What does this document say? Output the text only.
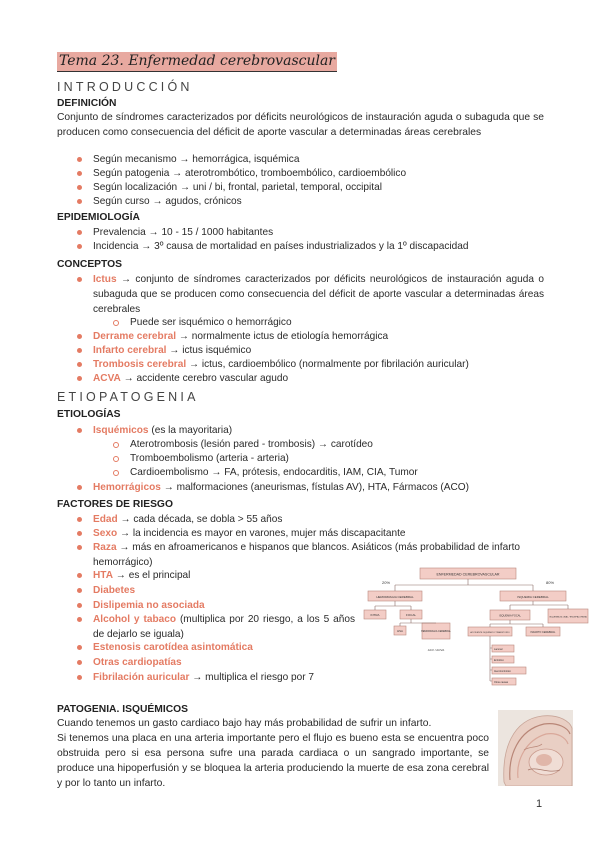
Tema 23. Enfermedad cerebrovascular
INTRODUCCIÓN
DEFINICIÓN
Conjunto de síndromes caracterizados por déficits neurológicos de instauración aguda o subaguda que se producen como consecuencia del déficit de aporte vascular a determinadas áreas cerebrales
Según mecanismo → hemorrágica, isquémica
Según patogenia → aterotrombótico, tromboembólico, cardioembólico
Según localización → uni / bi, frontal, parietal, temporal, occipital
Según curso → agudos, crónicos
EPIDEMIOLOGÍA
Prevalencia → 10 - 15 / 1000 habitantes
Incidencia → 3º causa de mortalidad en países industrializados y la 1º discapacidad
CONCEPTOS
Ictus → conjunto de síndromes caracterizados por déficits neurológicos de instauración aguda o subaguda que se producen como consecuencia del déficit de aporte vascular a determinadas áreas cerebrales
Puede ser isquémico o hemorrágico
Derrame cerebral → normalmente ictus de etiología hemorrágica
Infarto cerebral → ictus isquémico
Trombosis cerebral → ictus, cardioembólico (normalmente por fibrilación auricular)
ACVA → accidente cerebro vascular agudo
ETIOPATOGENIA
ETIOLOGÍAS
Isquémicos (es la mayoritaria)
Aterotrombosis (lesión pared - trombosis) → carotídeo
Tromboembolismo (arteria - arteria)
Cardioembolismo → FA, prótesis, endocarditis, IAM, CIA, Tumor
Hemorrágicos → malformaciones (aneurismas, fístulas AV), HTA, Fármacos (ACO)
FACTORES DE RIESGO
Edad → cada década, se dobla > 55 años
Sexo → la incidencia es mayor en varones, mujer más discapacitante
Raza → más en afroamericanos e hispanos que blancos. Asiáticos (más probabilidad de infarto hemorrágico)
HTA → es el principal
Diabetes
Dislipemia no asociada
Alcohol y tabaco (multiplica por 20 riesgo, a los 5 años de dejarlo se iguala)
Estenosis carotídea asintomática
Otras cardiopatías
Fibrilación auricular → multiplica el riesgo por 7
ENFERMEDAD CEREBROVASCULAR
20%	80%
HEMORRAGIA CEREBRAL	ISQUEMIA CEREBRAL
INTRA	FOCAL
HSA	HEMORRAGIA CEREBRAL
ACV / ACVA
ISQUEMIA FOCAL	ISQUEMIA GLOBAL / ENCEFALOPATÍA
ACCIDENTE ISQUÉMICO TRANSITORIO	INFARTO CEREBRAL
Lacunar
Embólico
Aterotrombótico
Otras causas
PATOGENIA. ISQUÉMICOS
Cuando tenemos un gasto cardiaco bajo hay más probabilidad de sufrir un infarto.
Si tenemos una placa en una arteria importante pero el flujo es bueno esta se encuentra poco obstruida pero si esa persona sufre una parada cardiaca o un sangrado importante, se produce una hipoperfusión y se bloquea la arteria produciendo la muerte de esa zona cerebral y por lo tanto un infarto.
1
